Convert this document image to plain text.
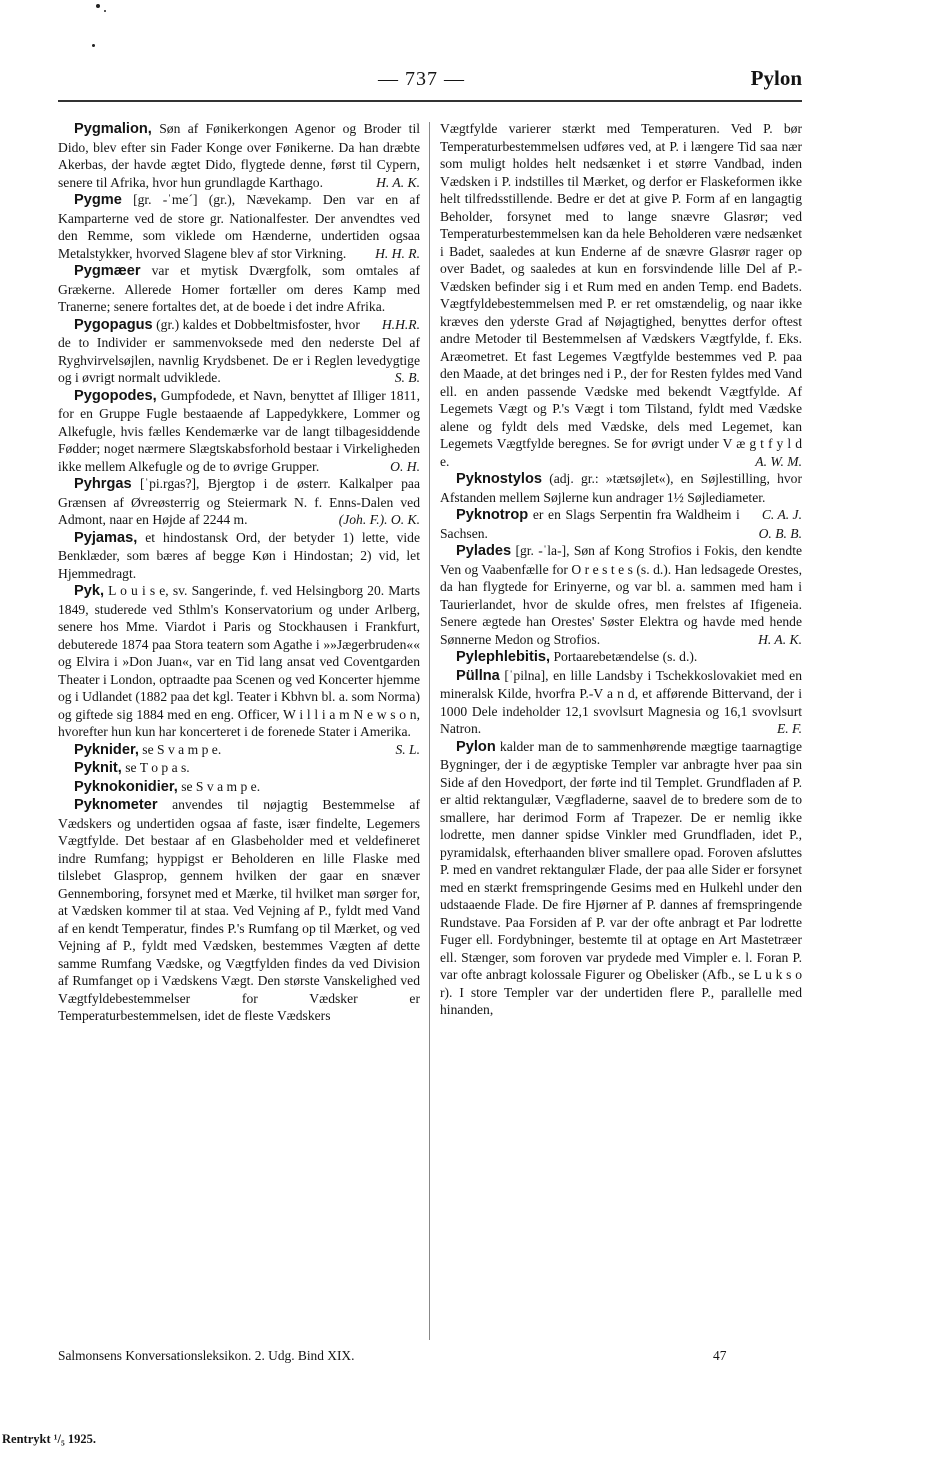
— 737 —	Pylon

Pygmalion, Søn af Fønikerkongen Agenor og Broder til Dido, blev efter sin Fader Konge over Fønikerne. Da han dræbte Akerbas, der havde ægtet Dido, flygtede denne, først til Cypern, senere til Afrika, hvor hun grundlagde Karthago.	H. A. K.

Pygme [gr. -ˈme´] (gr.), Nævekamp. Den var en af Kamparterne ved de store gr. Nationalfester. Der anvendtes ved den Remme, som viklede om Hænderne, undertiden ogsaa Metalstykker, hvorved Slagene blev af stor Virkning.	H. H. R.

Pygmæer var et mytisk Dværgfolk, som omtales af Grækerne. Allerede Homer fortæller om deres Kamp med Tranerne; senere fortaltes det, at de boede i det indre Afrika.
H.H.R.

Pygopagus (gr.) kaldes et Dobbeltmisfoster, hvor de to Individer er sammenvoksede med den nederste Del af Ryghvirvelsøjlen, navnlig Krydsbenet. De er i Reglen levedygtige og i øvrigt normalt udviklede.	S. B.

Pygopodes, Gumpfodede, et Navn, benyttet af Illiger 1811, for en Gruppe Fugle bestaaende af Lappedykkere, Lommer og Alkefugle, hvis fælles Kendemærke var de langt tilbagesiddende Fødder; noget nærmere Slægtskabsforhold bestaar i Virkeligheden ikke mellem Alkefugle og de to øvrige Grupper.	O. H.

Pyhrgas [ˈpi.rgas?], Bjergtop i de østerr. Kalkalper paa Grænsen af Øvreøsterrig og Steiermark N. f. Enns-Dalen ved Admont, naar en Højde af 2244 m.	(Joh. F.). O. K.

Pyjamas, et hindostansk Ord, der betyder 1) lette, vide Benklæder, som bæres af begge Køn i Hindostan; 2) vid, let Hjemmedragt.

Pyk, L o u i s e, sv. Sangerinde, f. ved Helsingborg 20. Marts 1849, studerede ved Sthlm's Konservatorium og under Arlberg, senere hos Mme. Viardot i Paris og Stockhausen i Frankfurt, debuterede 1874 paa Stora teatern som Agathe i »»Jægerbruden«« og Elvira i »Don Juan«, var en Tid lang ansat ved Coventgarden Theater i London, optraadte paa Scenen og ved Koncerter hjemme og i Udlandet (1882 paa det kgl. Teater i Kbhvn bl. a. som Norma) og giftede sig 1884 med en eng. Officer, W i l l i a m N e w s o n, hvorefter hun kun har koncerteret i de forenede Stater i Amerika.
S. L.

Pyknider, se S v a m p e.

Pyknit, se T o p a s.

Pyknokonidier, se S v a m p e.

Pyknometer anvendes til nøjagtig Bestemmelse af Vædskers og undertiden ogsaa af faste, især findelte, Legemers Vægtfylde. Det bestaar af en Glasbeholder med et veldefineret indre Rumfang; hyppigst er Beholderen en lille Flaske med tilslebet Glasprop, gennem hvilken der gaar en snæver Gennemboring, forsynet med et Mærke, til hvilket man sørger for, at Vædsken kommer til at staa. Ved Vejning af P., fyldt med Vand af en kendt Temperatur, findes P.'s Rumfang op til Mærket, og ved Vejning af P., fyldt med Vædsken, bestemmes Vægten af dette samme Rumfang Vædske, og Vægtfylden findes da ved Division af Rumfanget op i Vædskens Vægt. Den største Vanskelighed ved Vægtfyldebestemmelser for Vædsker er Temperaturbestemmelsen, idet de fleste Vædskers

Vægtfylde varierer stærkt med Temperaturen. Ved P. bør Temperaturbestemmelsen udføres ved, at P. i længere Tid saa nær som muligt holdes helt nedsænket i et større Vandbad, inden Vædsken i P. indstilles til Mærket, og derfor er Flaskeformen ikke helt tilfredsstillende. Bedre er det at give P. Form af en langagtig Beholder, forsynet med to lange snævre Glasrør; ved Temperaturbestemmelsen kan da hele Beholderen være nedsænket i Badet, saaledes at kun Enderne af de snævre Glasrør rager op over Badet, og saaledes at kun en forsvindende lille Del af P.-Vædsken befinder sig i et Rum med en anden Temp. end Badets. Vægtfyldebestemmelsen med P. er ret omstændelig, og naar ikke kræves den yderste Grad af Nøjagtighed, benyttes derfor oftest andre Metoder til Bestemmelsen af Vædskers Vægtfylde, f. Eks. Aræometret. Et fast Legemes Vægtfylde bestemmes ved P. paa den Maade, at det bringes ned i P., der for Resten fyldes med Vand ell. en anden passende Vædske med bekendt Vægtfylde. Af Legemets Vægt og P.'s Vægt i tom Tilstand, fyldt med Vædske alene og fyldt dels med Vædske, dels med Legemet, kan Legemets Vægtfylde beregnes. Se for øvrigt under V æ g t f y l d e.	A. W. M.

Pyknostylos (adj. gr.: »tætsøjlet«), en Søjlestilling, hvor Afstanden mellem Søjlerne kun andrager 1½ Søjlediameter.
C. A. J.

Pyknotrop er en Slags Serpentin fra Waldheim i Sachsen.	O. B. B.

Pylades [gr. -ˈla-], Søn af Kong Strofios i Fokis, den kendte Ven og Vaabenfælle for O r e s t e s (s. d.). Han ledsagede Orestes, da han flygtede for Erinyerne, og var bl. a. sammen med ham i Taurierlandet, hvor de skulde ofres, men frelstes af Ifigeneia. Senere ægtede han Orestes' Søster Elektra og havde med hende Sønnerne Medon og Strofios.	H. A. K.

Pylephlebitis, Portaarebetændelse (s. d.).

Püllna [ˈpilna], en lille Landsby i Tschekkoslovakiet med en mineralsk Kilde, hvorfra P.-V a n d, et afførende Bittervand, der i 1000 Dele indeholder 12,1 svovlsurt Magnesia og 16,1 svovlsurt Natron.	E. F.

Pylon kalder man de to sammenhørende mægtige taarnagtige Bygninger, der i de ægyptiske Templer var anbragte hver paa sin Side af den Hovedport, der førte ind til Templet. Grundfladen af P. er altid rektangulær, Vægfladerne, saavel de to bredere som de to smallere, har derimod Form af Trapezer. De er nemlig ikke lodrette, men danner spidse Vinkler med Grundfladen, idet P., pyramidalsk, efterhaanden bliver smallere opad. Foroven afsluttes P. med en vandret rektangulær Flade, der paa alle Sider er forsynet med en stærkt fremspringende Gesims med en Hulkehl under den udstaaende Flade. De fire Hjørner af P. dannes af fremspringende Rundstave. Paa Forsiden af P. var der ofte anbragt et Par lodrette Fuger ell. Fordybninger, bestemte til at optage en Art Mastetræer ell. Stænger, som foroven var prydede med Vimpler e. l. Foran P. var ofte anbragt kolossale Figurer og Obelisker (Afb., se L u k s o r). I store Templer var der undertiden flere P., parallelle med hinanden,

Salmonsens Konversationsleksikon. 2. Udg. Bind XIX.	47
Rentrykt ¹/₅ 1925.
